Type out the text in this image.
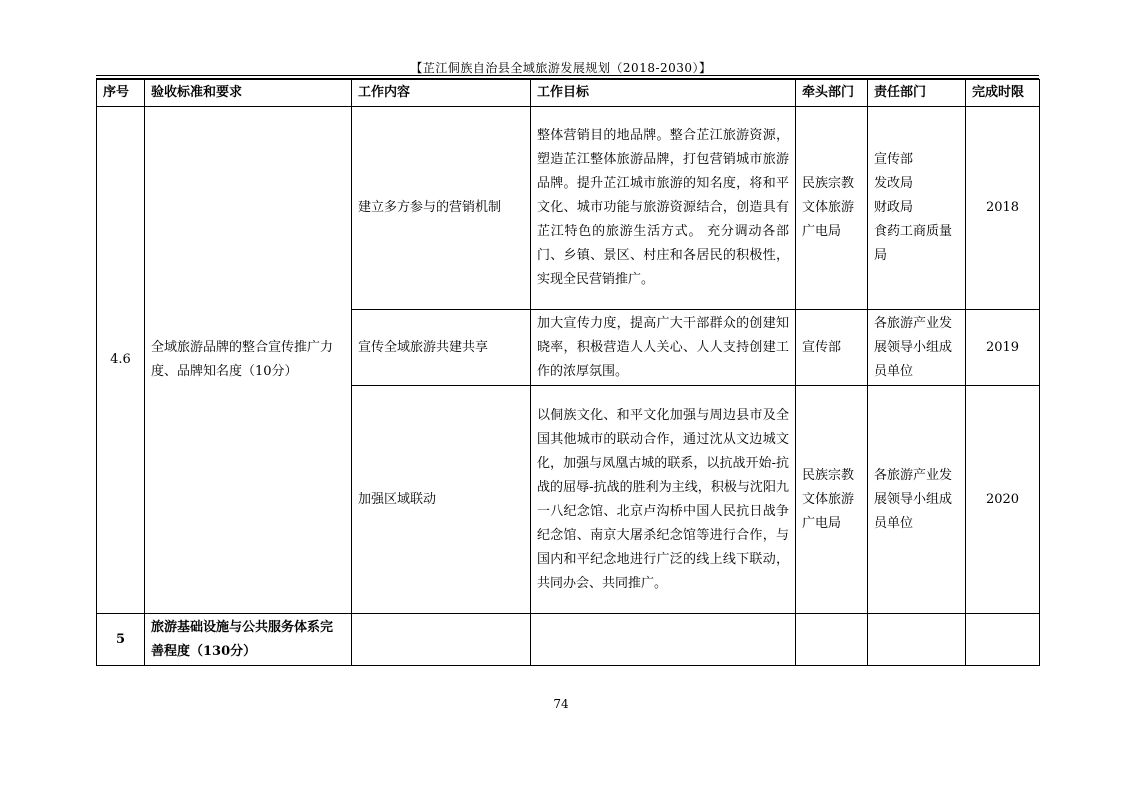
【芷江侗族自治县全域旅游发展规划（2018-2030）】
序号	验收标准和要求	工作内容	工作目标	牵头部门	责任部门	完成时限
4.6	全域旅游品牌的整合宣传推广力度、品牌知名度（10分）	建立多方参与的营销机制	整体营销目的地品牌。整合芷江旅游资源，塑造芷江整体旅游品牌，打包营销城市旅游品牌。提升芷江城市旅游的知名度，将和平文化、城市功能与旅游资源结合，创造具有芷江特色的旅游生活方式。 充分调动各部门、乡镇、景区、村庄和各居民的积极性，实现全民营销推广。	民族宗教文体旅游广电局	宣传部
发改局
财政局
食药工商质量局	2018
		宣传全域旅游共建共享	加大宣传力度，提高广大干部群众的创建知晓率，积极营造人人关心、人人支持创建工作的浓厚氛围。	宣传部	各旅游产业发展领导小组成员单位	2019
		加强区域联动	以侗族文化、和平文化加强与周边县市及全国其他城市的联动合作，通过沈从文边城文化，加强与凤凰古城的联系，以抗战开始-抗战的屈辱-抗战的胜利为主线，积极与沈阳九一八纪念馆、北京卢沟桥中国人民抗日战争纪念馆、南京大屠杀纪念馆等进行合作，与国内和平纪念地进行广泛的线上线下联动，共同办会、共同推广。	民族宗教文体旅游广电局	各旅游产业发展领导小组成员单位	2020
5	旅游基础设施与公共服务体系完善程度（130分）					
74
